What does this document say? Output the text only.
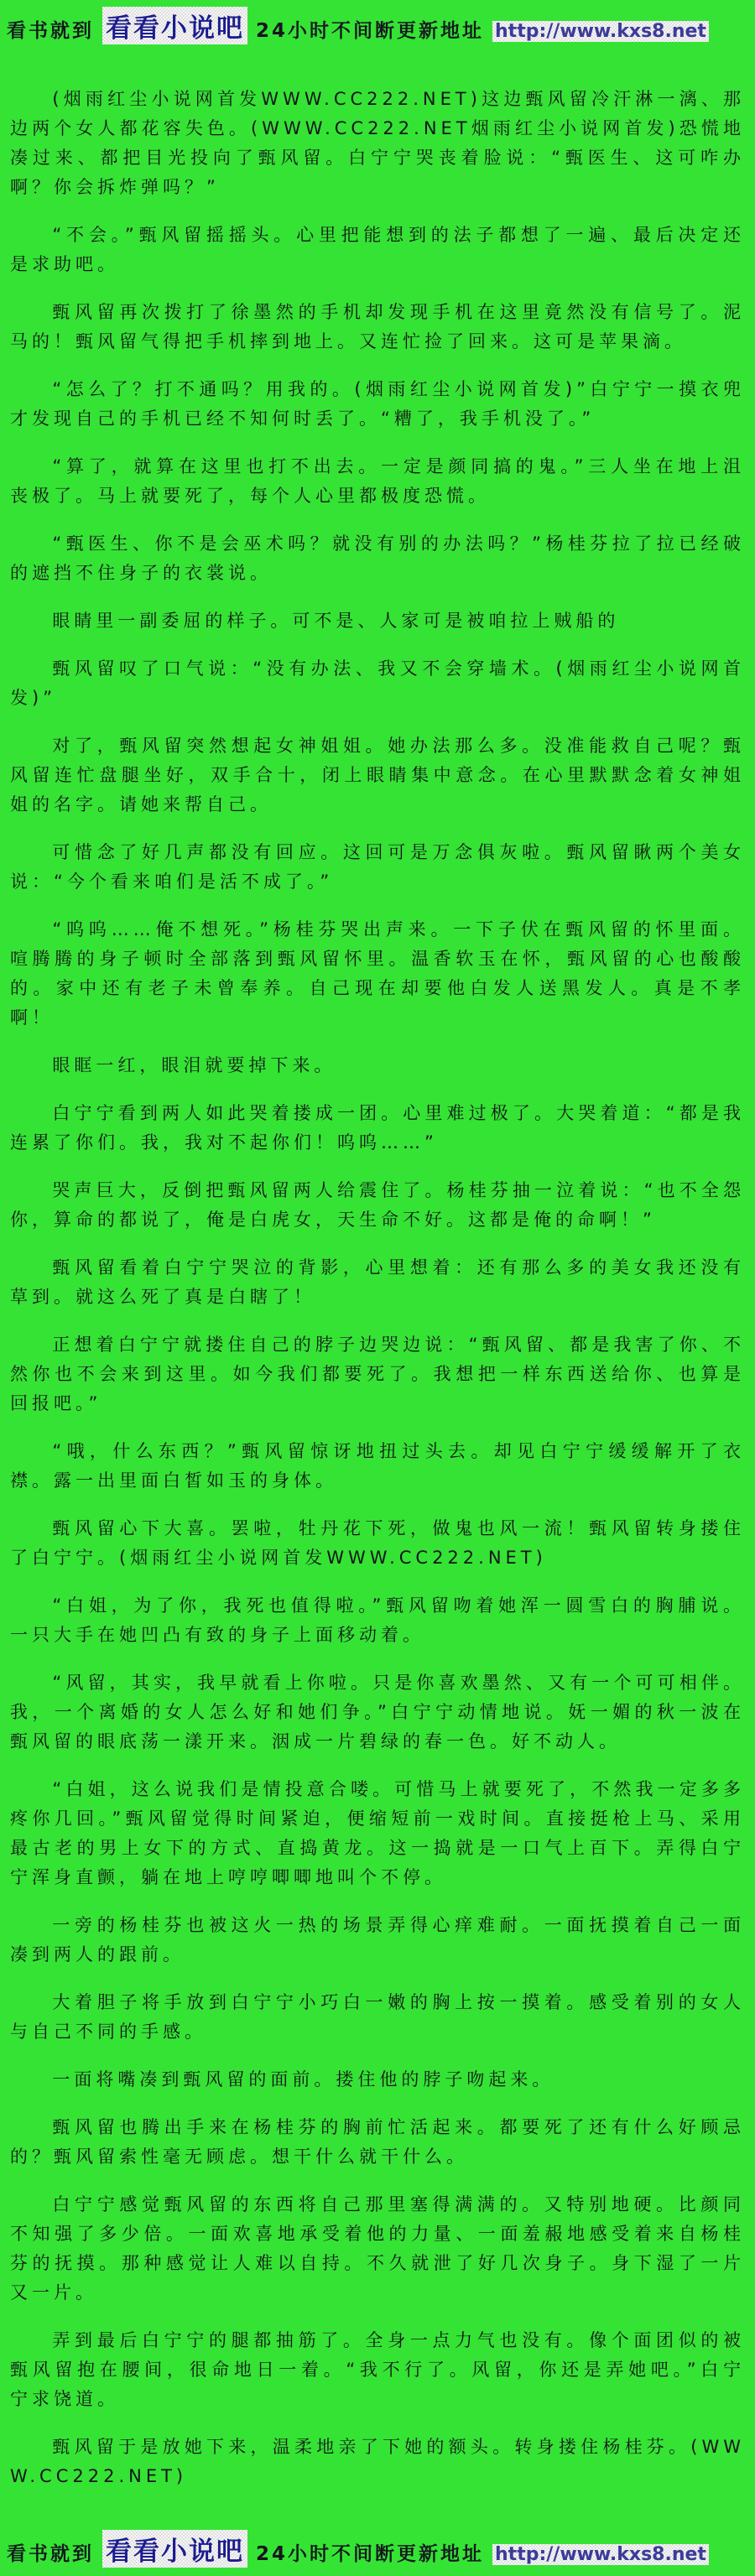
看书就到 看看小说吧 24小时不间断更新地址 http://www.kxs8.net

(烟雨红尘小说网首发WWW.CC222.NET)这边甄风留冷汗淋一漓、那边两个女人都花容失色。(WWW.CC222.NET烟雨红尘小说网首发)恐慌地凑过来、都把目光投向了甄风留。白宁宁哭丧着脸说：“甄医生、这可咋办啊？你会拆炸弹吗？”

“不会。”甄风留摇摇头。心里把能想到的法子都想了一遍、最后决定还是求助吧。

甄风留再次拨打了徐墨然的手机却发现手机在这里竟然没有信号了。泥马的！甄风留气得把手机摔到地上。又连忙捡了回来。这可是苹果滴。

“怎么了？打不通吗？用我的。(烟雨红尘小说网首发)”白宁宁一摸衣兜才发现自己的手机已经不知何时丢了。“糟了，我手机没了。”

“算了，就算在这里也打不出去。一定是颜同搞的鬼。”三人坐在地上沮丧极了。马上就要死了，每个人心里都极度恐慌。

“甄医生、你不是会巫术吗？就没有别的办法吗？”杨桂芬拉了拉已经破的遮挡不住身子的衣裳说。

眼睛里一副委屈的样子。可不是、人家可是被咱拉上贼船的

甄风留叹了口气说：“没有办法、我又不会穿墙术。(烟雨红尘小说网首发)”

对了，甄风留突然想起女神姐姐。她办法那么多。没准能救自己呢？甄风留连忙盘腿坐好，双手合十，闭上眼睛集中意念。在心里默默念着女神姐姐的名字。请她来帮自己。

可惜念了好几声都没有回应。这回可是万念俱灰啦。甄风留瞅两个美女说：“今个看来咱们是活不成了。”

“呜呜……俺不想死。”杨桂芬哭出声来。一下子伏在甄风留的怀里面。喧腾腾的身子顿时全部落到甄风留怀里。温香软玉在怀，甄风留的心也酸酸的。家中还有老子未曾奉养。自己现在却要他白发人送黑发人。真是不孝啊！

眼眶一红，眼泪就要掉下来。

白宁宁看到两人如此哭着搂成一团。心里难过极了。大哭着道：“都是我连累了你们。我，我对不起你们！呜呜……”

哭声巨大，反倒把甄风留两人给震住了。杨桂芬抽一泣着说：“也不全怨你，算命的都说了，俺是白虎女，天生命不好。这都是俺的命啊！”

甄风留看着白宁宁哭泣的背影，心里想着：还有那么多的美女我还没有草到。就这么死了真是白瞎了！

正想着白宁宁就搂住自己的脖子边哭边说：“甄风留、都是我害了你、不然你也不会来到这里。如今我们都要死了。我想把一样东西送给你、也算是回报吧。”

“哦，什么东西？”甄风留惊讶地扭过头去。却见白宁宁缓缓解开了衣襟。露一出里面白皙如玉的身体。

甄风留心下大喜。罢啦，牡丹花下死，做鬼也风一流！甄风留转身搂住了白宁宁。(烟雨红尘小说网首发WWW.CC222.NET)

“白姐，为了你，我死也值得啦。”甄风留吻着她浑一圆雪白的胸脯说。一只大手在她凹凸有致的身子上面移动着。

“风留，其实，我早就看上你啦。只是你喜欢墨然、又有一个可可相伴。我，一个离婚的女人怎么好和她们争。”白宁宁动情地说。妩一媚的秋一波在甄风留的眼底荡一漾开来。洇成一片碧绿的春一色。好不动人。

“白姐，这么说我们是情投意合喽。可惜马上就要死了，不然我一定多多疼你几回。”甄风留觉得时间紧迫，便缩短前一戏时间。直接挺枪上马、采用最古老的男上女下的方式、直捣黄龙。这一捣就是一口气上百下。弄得白宁宁浑身直颤，躺在地上哼哼唧唧地叫个不停。

一旁的杨桂芬也被这火一热的场景弄得心痒难耐。一面抚摸着自己一面凑到两人的跟前。

大着胆子将手放到白宁宁小巧白一嫩的胸上按一摸着。感受着别的女人与自己不同的手感。

一面将嘴凑到甄风留的面前。搂住他的脖子吻起来。

甄风留也腾出手来在杨桂芬的胸前忙活起来。都要死了还有什么好顾忌的？甄风留索性毫无顾虑。想干什么就干什么。

白宁宁感觉甄风留的东西将自己那里塞得满满的。又特别地硬。比颜同不知强了多少倍。一面欢喜地承受着他的力量、一面羞赧地感受着来自杨桂芬的抚摸。那种感觉让人难以自持。不久就泄了好几次身子。身下湿了一片又一片。

弄到最后白宁宁的腿都抽筋了。全身一点力气也没有。像个面团似的被甄风留抱在腰间，很命地日一着。“我不行了。风留，你还是弄她吧。”白宁宁求饶道。

甄风留于是放她下来，温柔地亲了下她的额头。转身搂住杨桂芬。(WWW.CC222.NET)

看书就到 看看小说吧 24小时不间断更新地址 http://www.kxs8.net
